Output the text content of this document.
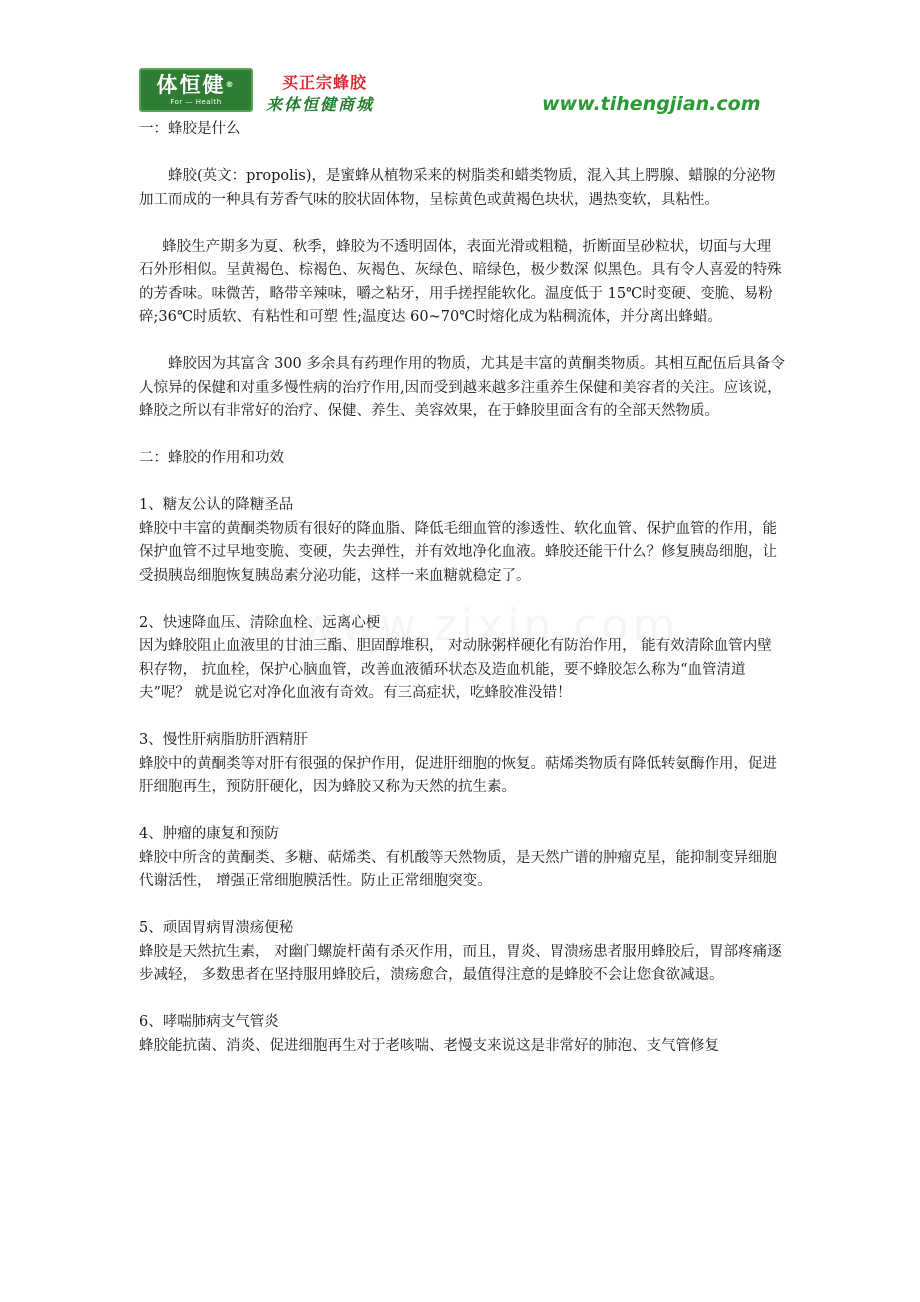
体恒健®
For — Health
买正宗蜂胶
来体恒健商城	www.tihengjian.com

一：蜂胶是什么

蜂胶(英文：propolis)，是蜜蜂从植物采来的树脂类和蜡类物质，混入其上腭腺、蜡腺的分泌物加工而成的一种具有芳香气味的胶状固体物，呈棕黄色或黄褐色块状，遇热变软，具粘性。

蜂胶生产期多为夏、秋季，蜂胶为不透明固体，表面光滑或粗糙，折断面呈砂粒状，切面与大理石外形相似。呈黄褐色、棕褐色、灰褐色、灰绿色、暗绿色，极少数深 似黑色。具有令人喜爱的特殊的芳香味。味微苦，略带辛辣味，嚼之粘牙，用手搓捏能软化。温度低于 15℃时变硬、变脆、易粉碎;36℃时质软、有粘性和可塑 性;温度达 60~70℃时熔化成为粘稠流体，并分离出蜂蜡。

蜂胶因为其富含 300 多余具有药理作用的物质，尤其是丰富的黄酮类物质。其相互配伍后具备令人惊异的保健和对重多慢性病的治疗作用,因而受到越来越多注重养生保健和美容者的关注。应该说，蜂胶之所以有非常好的治疗、保健、养生、美容效果，在于蜂胶里面含有的全部天然物质。

二：蜂胶的作用和功效

1、糖友公认的降糖圣品

蜂胶中丰富的黄酮类物质有很好的降血脂、降低毛细血管的渗透性、软化血管、保护血管的作用，能保护血管不过早地变脆、变硬，失去弹性，并有效地净化血液。蜂胶还能干什么？修复胰岛细胞，让受损胰岛细胞恢复胰岛素分泌功能，这样一来血糖就稳定了。

2、快速降血压、清除血栓、远离心梗

因为蜂胶阻止血液里的甘油三酯、胆固醇堆积， 对动脉粥样硬化有防治作用， 能有效清除血管内壁积存物， 抗血栓，保护心脑血管，改善血液循环状态及造血机能，要不蜂胶怎么称为“血管清道夫”呢？ 就是说它对净化血液有奇效。有三高症状，吃蜂胶准没错！

3、慢性肝病脂肪肝酒精肝

蜂胶中的黄酮类等对肝有很强的保护作用，促进肝细胞的恢复。萜烯类物质有降低转氨酶作用，促进肝细胞再生，预防肝硬化，因为蜂胶又称为天然的抗生素。

4、肿瘤的康复和预防

蜂胶中所含的黄酮类、多糖、萜烯类、有机酸等天然物质，是天然广谱的肿瘤克星，能抑制变异细胞代谢活性， 增强正常细胞膜活性。防止正常细胞突变。

5、顽固胃病胃溃疡便秘

蜂胶是天然抗生素， 对幽门螺旋杆菌有杀灭作用，而且，胃炎、胃溃疡患者服用蜂胶后，胃部疼痛逐步减轻， 多数患者在坚持服用蜂胶后，溃疡愈合，最值得注意的是蜂胶不会让您食欲减退。

6、哮喘肺病支气管炎

蜂胶能抗菌、消炎、促进细胞再生对于老咳喘、老慢支来说这是非常好的肺泡、支气管修复
